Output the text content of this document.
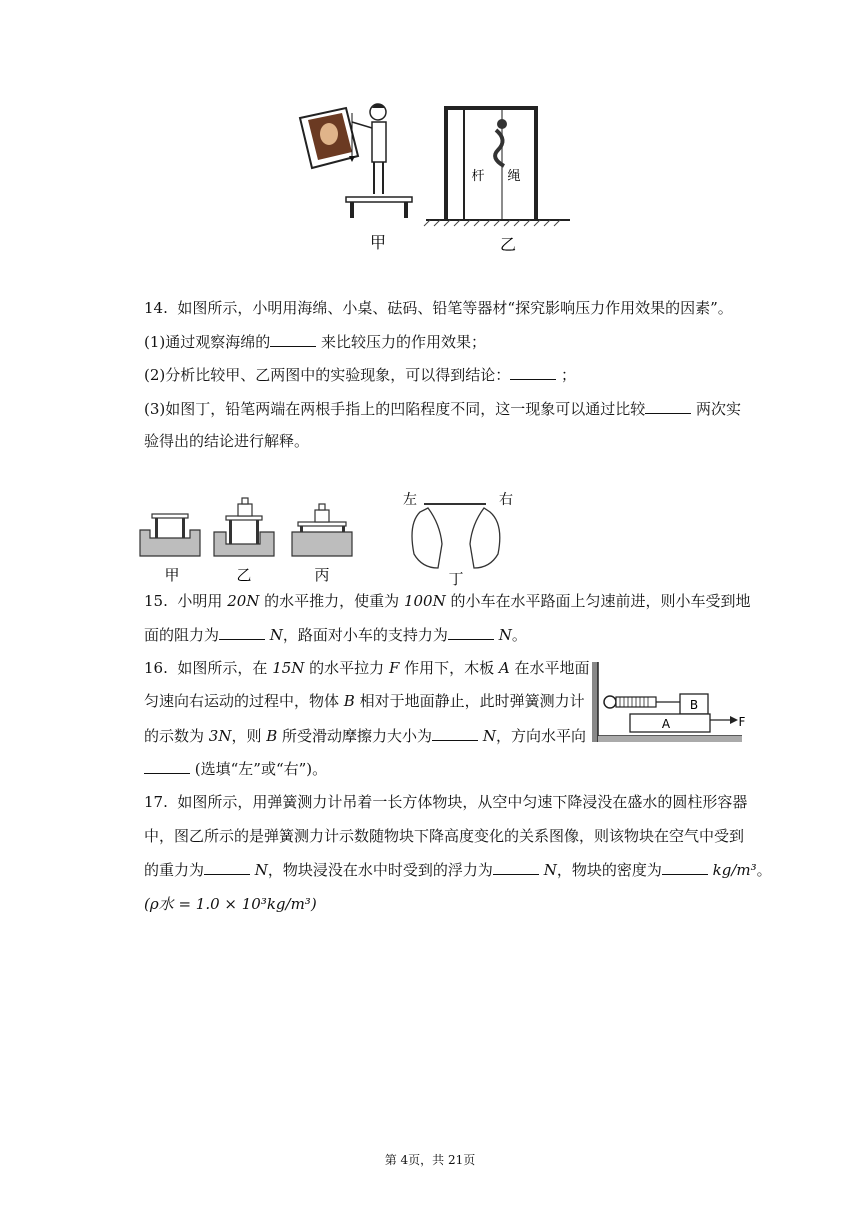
甲
杆 绳
乙
14. 如图所示，小明用海绵、小桌、砝码、铅笔等器材“探究影响压力作用效果的因素”。
(1)通过观察海绵的	来比较压力的作用效果；
(2)分析比较甲、乙两图中的实验现象，可以得到结论：	；
(3)如图丁，铅笔两端在两根手指上的凹陷程度不同，这一现象可以通过比较	两次实
验得出的结论进行解释。
甲	乙	丙
左	右
丁
15. 小明用 20N 的水平推力，使重为 100N 的小车在水平路面上匀速前进，则小车受到地
面的阻力为	N，路面对小车的支持力为	N。
16. 如图所示，在 15N 的水平拉力 F 作用下，木板 A 在水平地面
匀速向右运动的过程中，物体 B 相对于地面静止，此时弹簧测力计
的示数为 3N，则 B 所受滑动摩擦力大小为	N，方向水平向
(选填“左”或“右”)。
B
A	F
17. 如图所示，用弹簧测力计吊着一长方体物块，从空中匀速下降浸没在盛水的圆柱形容器
中，图乙所示的是弹簧测力计示数随物块下降高度变化的关系图像，则该物块在空气中受到
的重力为	N，物块浸没在水中时受到的浮力为	N，物块的密度为	kg/m³。
(ρ水 = 1.0 × 10³kg/m³)
第 4页，共 21页
